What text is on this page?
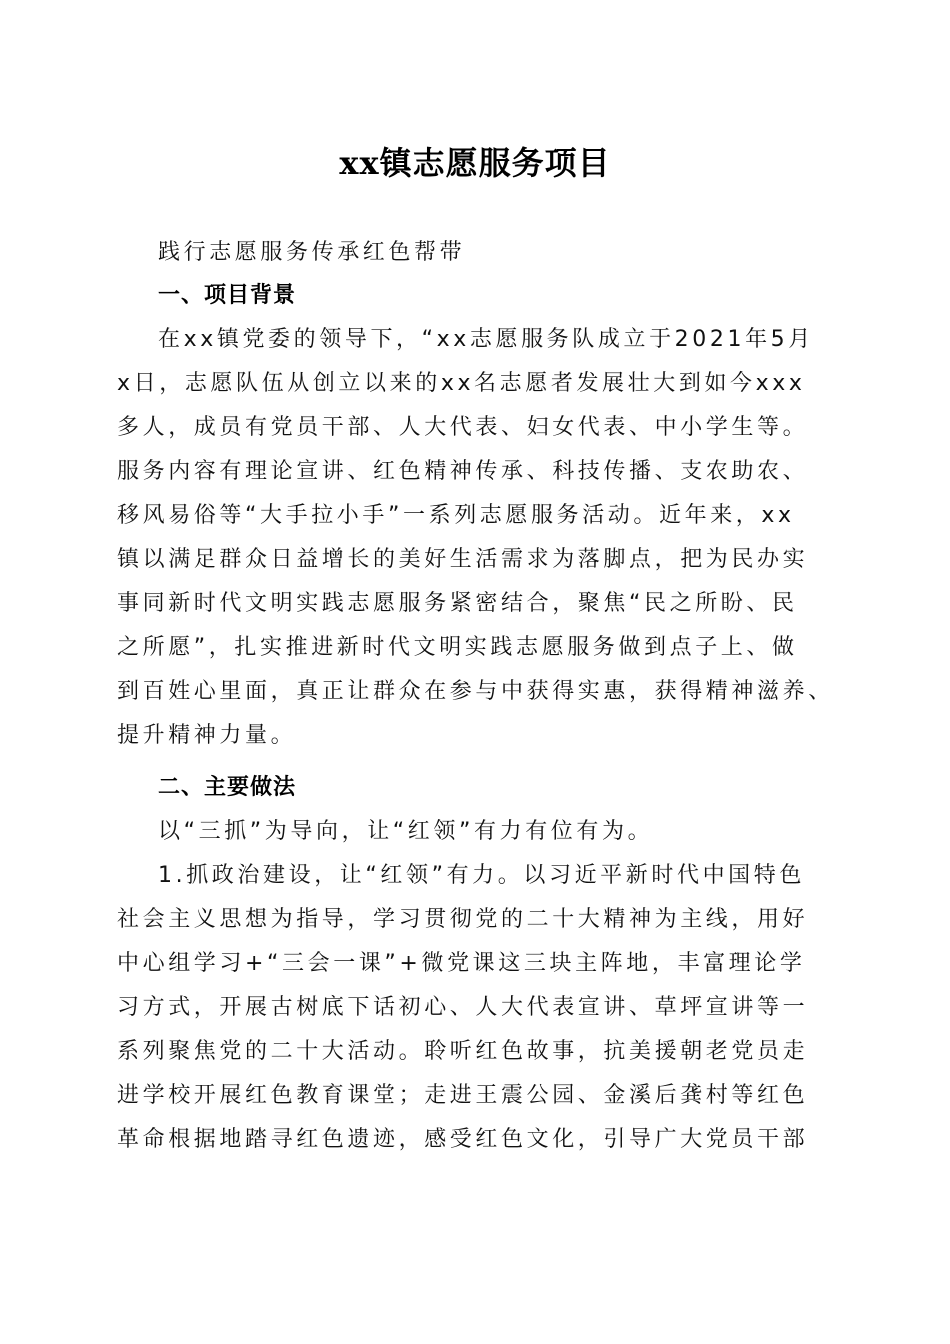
xx镇志愿服务项目
践行志愿服务传承红色帮带
一、项目背景
在xx镇党委的领导下，“xx志愿服务队成立于2021年5月
x日，志愿队伍从创立以来的xx名志愿者发展壮大到如今xxx
多人，成员有党员干部、人大代表、妇女代表、中小学生等。
服务内容有理论宣讲、红色精神传承、科技传播、支农助农、
移风易俗等“大手拉小手”一系列志愿服务活动。近年来，xx
镇以满足群众日益增长的美好生活需求为落脚点，把为民办实
事同新时代文明实践志愿服务紧密结合，聚焦“民之所盼、民
之所愿”，扎实推进新时代文明实践志愿服务做到点子上、做
到百姓心里面，真正让群众在参与中获得实惠，获得精神滋养、
提升精神力量。
二、主要做法
以“三抓”为导向，让“红领”有力有位有为。
1.抓政治建设，让“红领”有力。以习近平新时代中国特色
社会主义思想为指导，学习贯彻党的二十大精神为主线，用好
中心组学习+“三会一课”+微党课这三块主阵地，丰富理论学
习方式，开展古树底下话初心、人大代表宣讲、草坪宣讲等一
系列聚焦党的二十大活动。聆听红色故事，抗美援朝老党员走
进学校开展红色教育课堂；走进王震公园、金溪后龚村等红色
革命根据地踏寻红色遗迹，感受红色文化，引导广大党员干部
